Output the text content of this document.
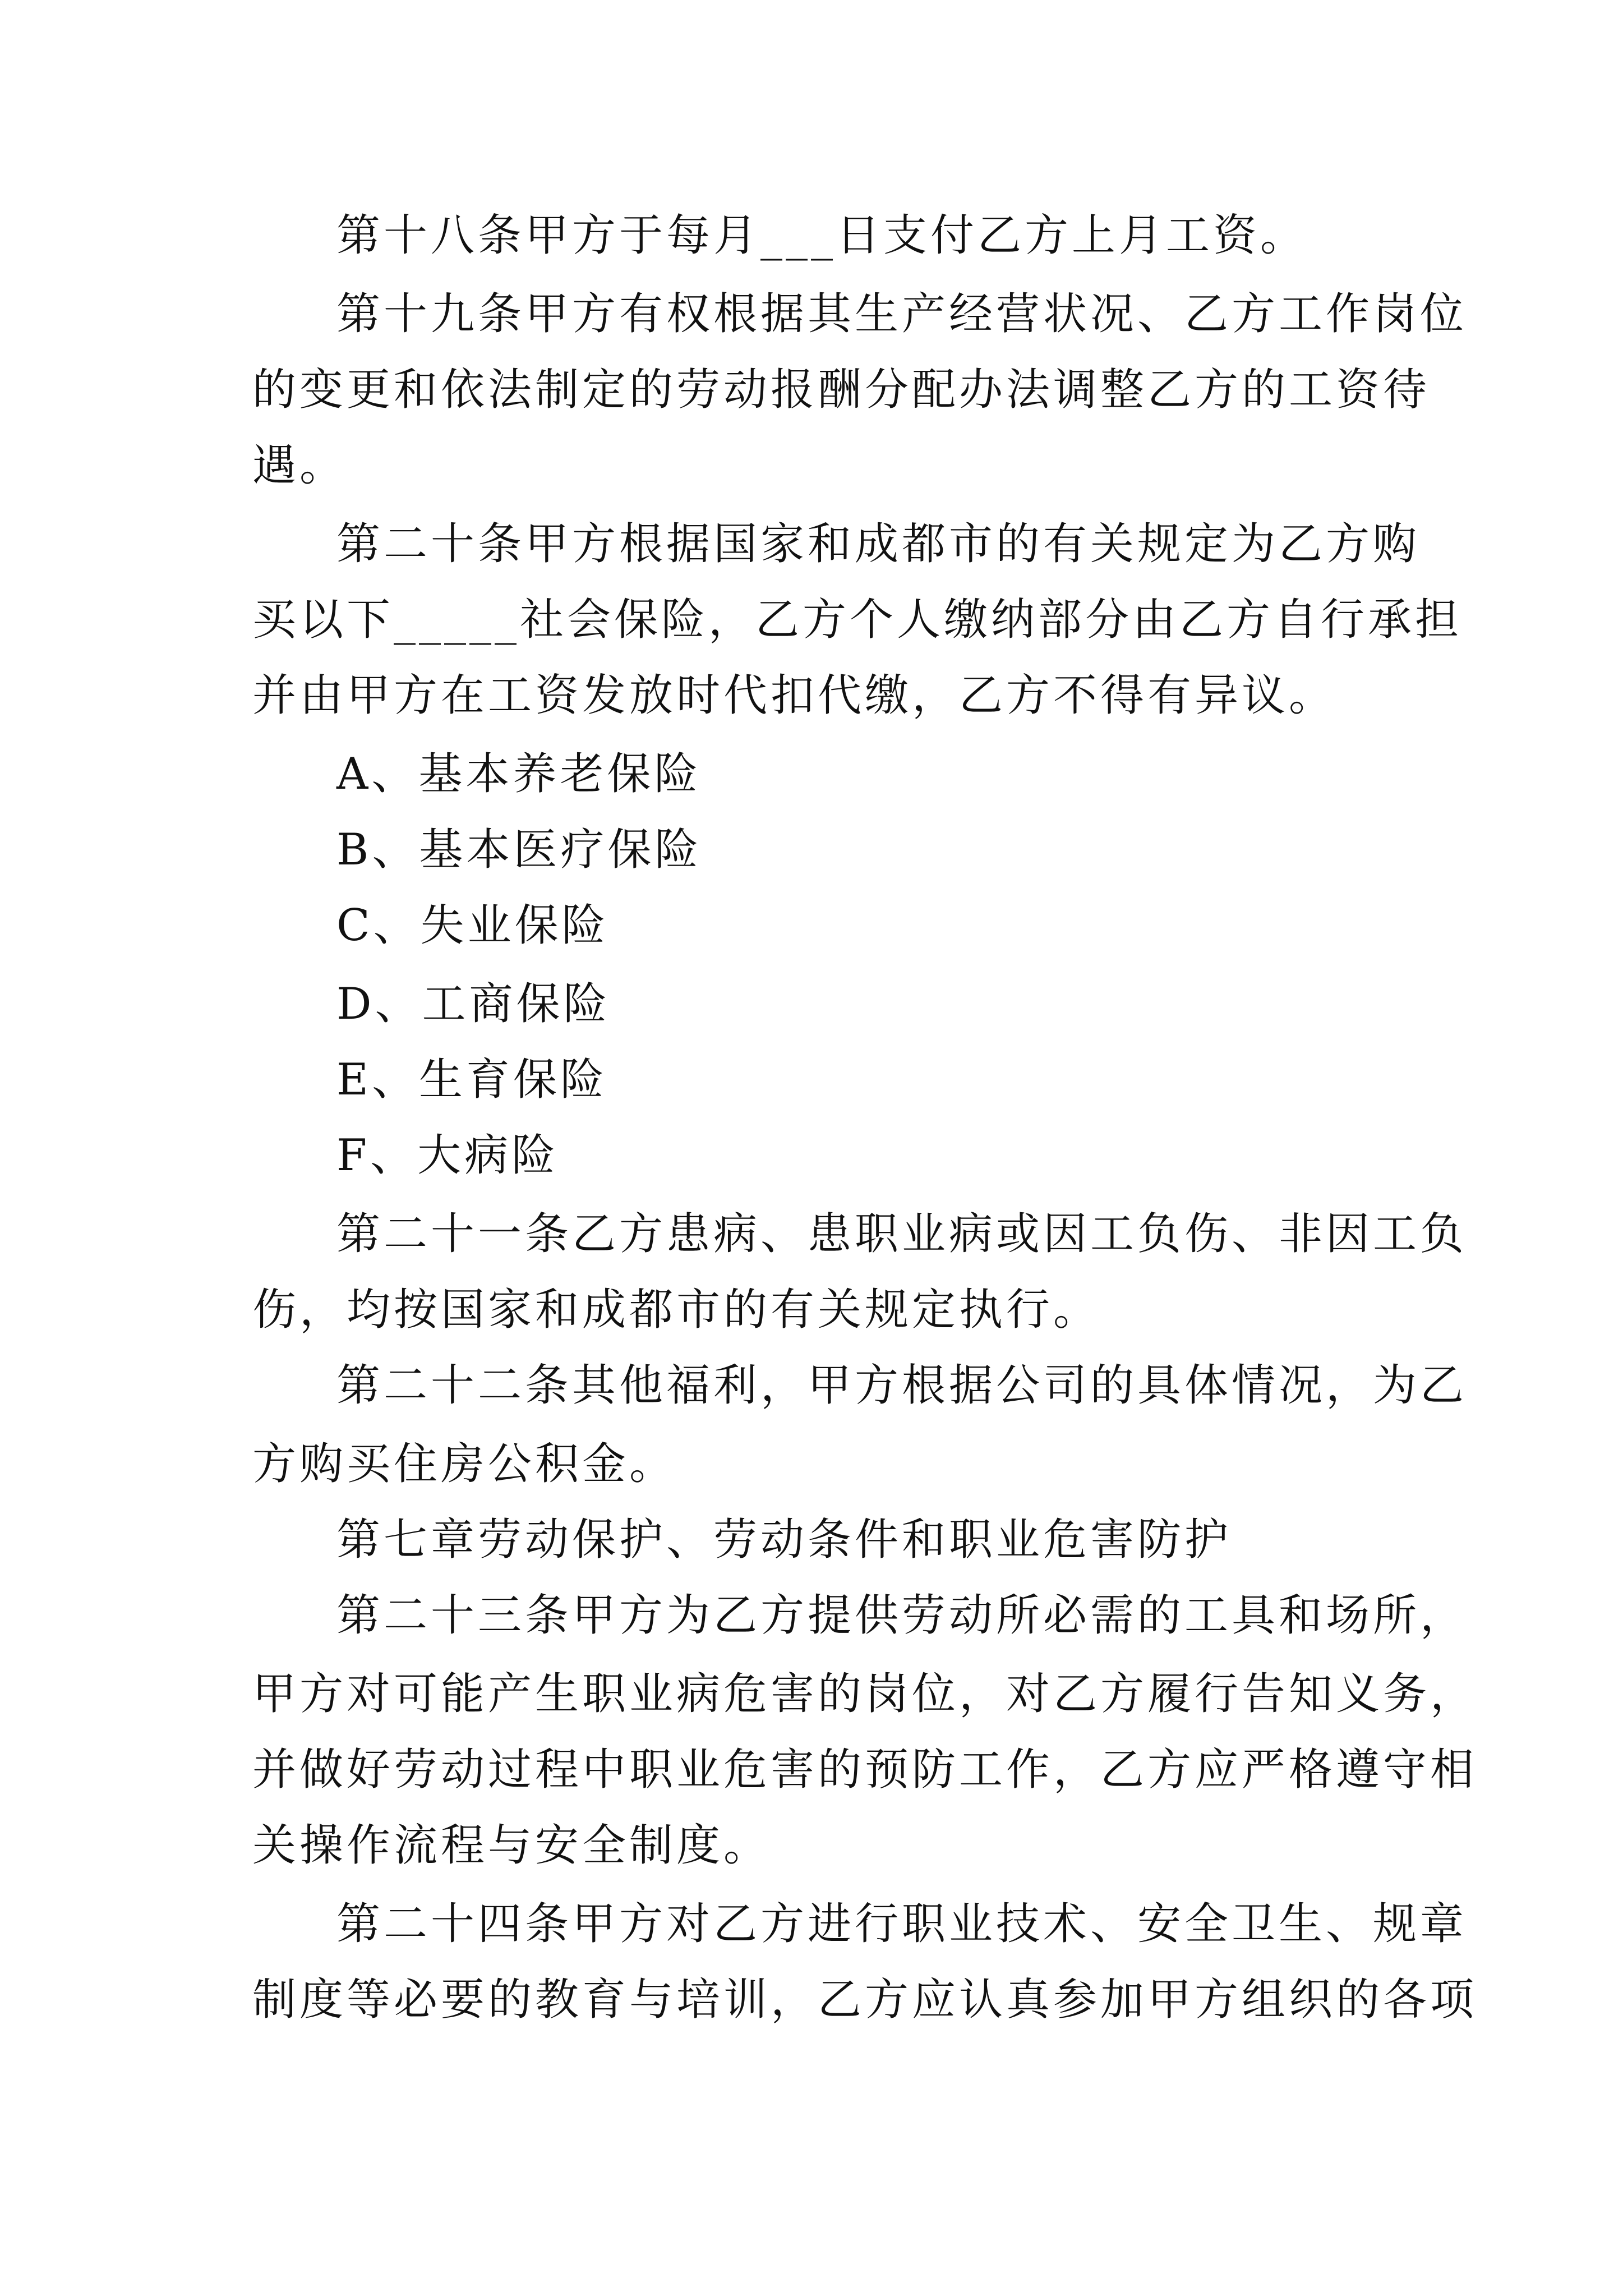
第十八条甲方于每月___日支付乙方上月工资。

第十九条甲方有权根据其生产经营状况、乙方工作岗位

的变更和依法制定的劳动报酬分配办法调整乙方的工资待

遇。

第二十条甲方根据国家和成都市的有关规定为乙方购

买以下_____社会保险，乙方个人缴纳部分由乙方自行承担

并由甲方在工资发放时代扣代缴，乙方不得有异议。

A、基本养老保险

B、基本医疗保险

C、失业保险

D、工商保险

E、生育保险

F、大病险

第二十一条乙方患病、患职业病或因工负伤、非因工负

伤，均按国家和成都市的有关规定执行。

第二十二条其他福利，甲方根据公司的具体情况，为乙

方购买住房公积金。

第七章劳动保护、劳动条件和职业危害防护

第二十三条甲方为乙方提供劳动所必需的工具和场所，

甲方对可能产生职业病危害的岗位，对乙方履行告知义务，

并做好劳动过程中职业危害的预防工作，乙方应严格遵守相

关操作流程与安全制度。

第二十四条甲方对乙方进行职业技术、安全卫生、规章

制度等必要的教育与培训，乙方应认真参加甲方组织的各项
